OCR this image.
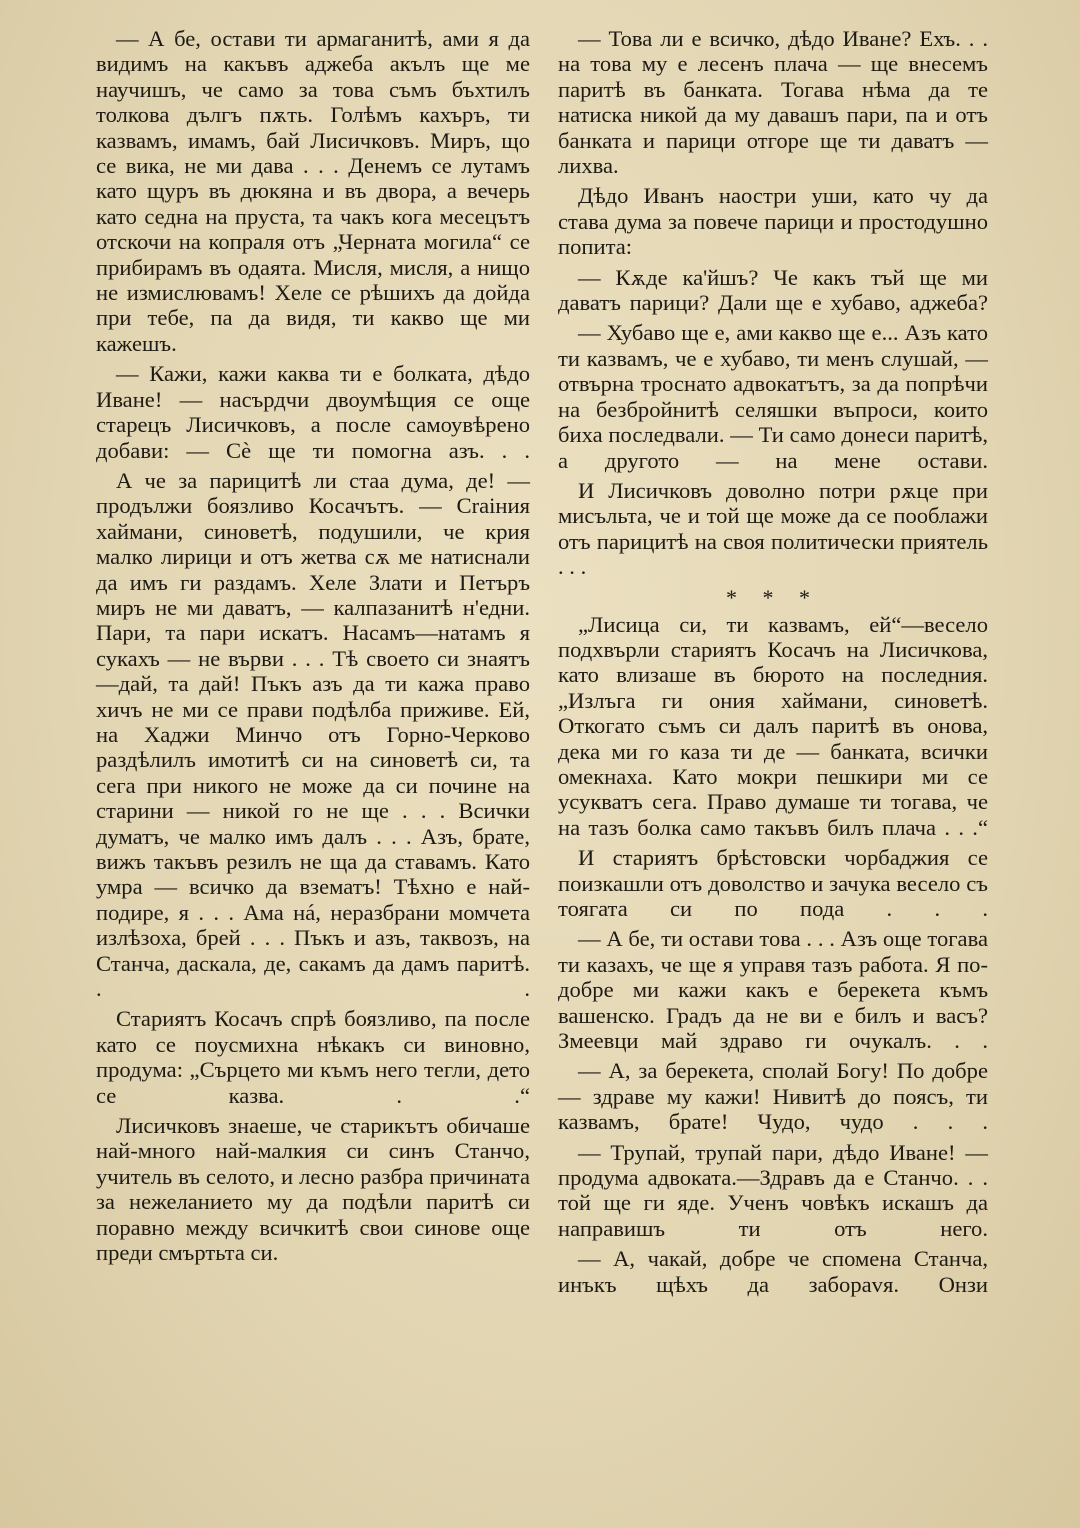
— А бе, остави ти армаганитѣ, ами я да видимъ на какъвъ аджеба акълъ ще ме научишъ, че само за това съмъ бъхтилъ толкова дългъ пѫть. Голѣмъ кахъръ, ти казвамъ, имамъ, бай Лисичковъ. Миръ, що се вика, не ми дава . . . Денемъ се лутамъ като щуръ въ дюкяна и въ двора, а вечерь като седна на пруста, та чакъ кога месецътъ отскочи на копраля отъ „Черната могила“ се прибирамъ въ одаята. Мисля, мисля, а нищо не измислювамъ! Хеле се рѣшихъ да дойда при тебе, па да видя, ти какво ще ми кажешъ.

— Кажи, кажи каква ти е болката, дѣдо Иване! — насърдчи двоумѣщия се още старецъ Лисичковъ, а после самоувѣрено добави: — Сѐ ще ти помогна азъ. . .

А че за парицитѣ ли стаа дума, де! — продължи боязливо Косачътъ. — Craiния хаймани, синоветѣ, подушили, че крия малко лирици и отъ жетва сѫ ме натиснали да имъ ги раздамъ. Хеле Злати и Петъръ миръ не ми даватъ, — калпазанитѣ н'едни. Пари, та пари искатъ. Насамъ—натамъ я сукахъ — не върви . . . Тѣ своето си знаятъ—дай, та дай! Пъкъ азъ да ти кажа право хичъ не ми се прави подѣлба приживе. Ей, на Хаджи Минчо отъ Горно-Черково раздѣлилъ имотитѣ си на синоветѣ си, та сега при никого не може да си почине на старини — никой го не ще . . . Всички думатъ, че малко имъ далъ . . . Азъ, брате, вижъ такъвъ резилъ не ща да ставамъ. Като умра — всичко да взематъ! Тѣхно е най-подире, я . . . Ама нá, неразбрани момчета излѣзоха, брей . . . Пъкъ и азъ, таквозъ, на Станча, даскала, де, сакамъ да дамъ паритѣ. . .

Стариятъ Косачъ спрѣ боязливо, па после като се поусмихна нѣкакъ си виновно, продума: „Сърцето ми къмъ него тегли, дето се казва. . .“

Лисичковъ знаеше, че старикътъ обичаше най-много най-малкия си синъ Станчо, учитель въ селото, и лесно разбра причината за нежеланието му да подѣли паритѣ си поравно между всичкитѣ свои синове още преди смъртьта си.

— Това ли е всичко, дѣдо Иване? Ехъ. . . на това му е лесенъ плача — ще внесемъ паритѣ въ банката. Тогава нѣма да те натиска никой да му давашъ пари, па и отъ банката и парици отгоре ще ти даватъ — лихва.

Дѣдо Иванъ наостри уши, като чу да става дума за повече парици и простодушно попита:

— Кѫде ка'йшъ? Че какъ тъй ще ми даватъ парици? Дали ще е хубаво, аджеба?

— Хубаво ще е, ами какво ще е... Азъ като ти казвамъ, че е хубаво, ти менъ слушай, — отвърна троснато адвокатътъ, за да попрѣчи на безбройнитѣ селяшки въпроси, които биха последвали. — Ти само донеси паритѣ, а другото — на мене остави.

И Лисичковъ доволно потри рѫце при мисъльта, че и той ще може да се пооблажи отъ парицитѣ на своя политически приятель . . .

* * *

„Лисица си, ти казвамъ, ей“—весело подхвърли стариятъ Косачъ на Лисичкова, като влизаше въ бюрото на последния. „Излъга ги ония хаймани, синоветѣ. Откогато съмъ си далъ паритѣ въ онова, дека ми го каза ти де — банката, всички омекнаха. Като мокри пешкири ми се усукватъ сега. Право думаше ти тогава, че на тазъ болка само такъвъ билъ плача . . .“

И стариятъ брѣстовски чорбаджия се поизкашли отъ доволство и зачука весело съ тоягата си по пода . . .

— А бе, ти остави това . . . Азъ още тогава ти казахъ, че ще я управя тазъ работа. Я по-добре ми кажи какъ е берекета къмъ вашенско. Градъ да не ви е билъ и васъ? Змеевци май здраво ги очукалъ. . .

— А, за берекета, сполай Богу! По добре — здраве му кажи! Нивитѣ до поясъ, ти казвамъ, брате! Чудо, чудо . . .

— Трупай, трупай пари, дѣдо Иване! — продума адвоката.—Здравъ да е Станчо. . . той ще ги яде. Ученъ човѣкъ искашъ да направишъ ти отъ него.

— А, чакай, добре че спомена Станча, инъкъ щѣхъ да забораvя. Онзи
